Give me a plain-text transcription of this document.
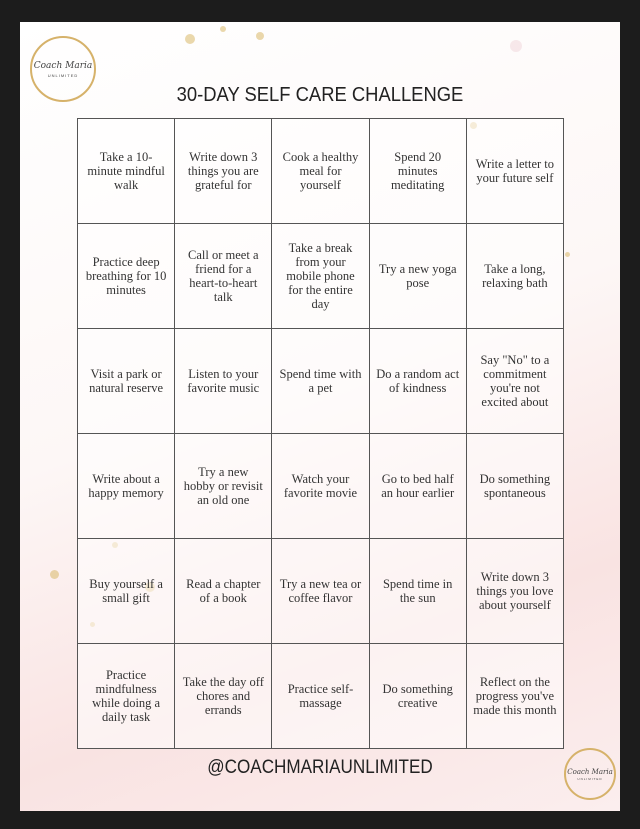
Coach Maria
UNLIMITED
30-DAY SELF CARE CHALLENGE
Take a 10-minute mindful walk
Write down 3 things you are grateful for
Cook a healthy meal for yourself
Spend 20 minutes meditating
Write a letter to your future self
Practice deep breathing for 10 minutes
Call or meet a friend for a heart-to-heart talk
Take a break from your mobile phone for the entire day
Try a new yoga pose
Take a long, relaxing bath
Visit a park or natural reserve
Listen to your favorite music
Spend time with a pet
Do a random act of kindness
Say "No" to a commitment you're not excited about
Write about a happy memory
Try a new hobby or revisit an old one
Watch your favorite movie
Go to bed half an hour earlier
Do something spontaneous
Buy yourself a small gift
Read a chapter of a book
Try a new tea or coffee flavor
Spend time in the sun
Write down 3 things you love about yourself
Practice mindfulness while doing a daily task
Take the day off chores and errands
Practice self-massage
Do something creative
Reflect on the progress you've made this month
@COACHMARIAUNLIMITED	Coach Maria
UNLIMITED
